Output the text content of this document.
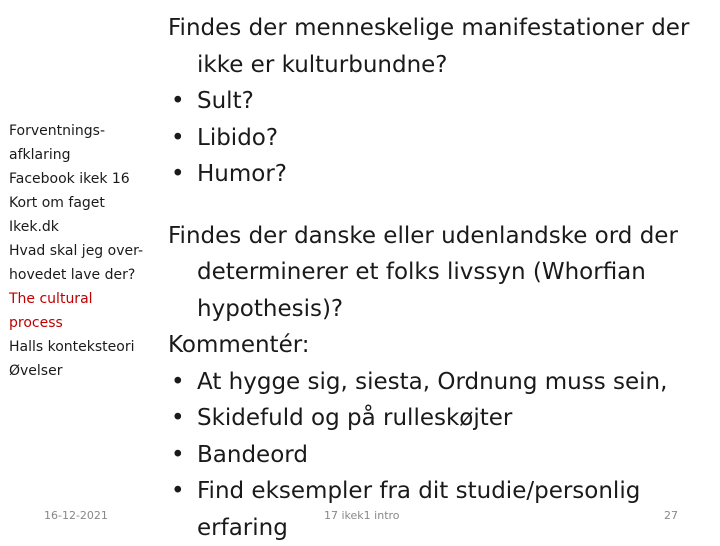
Forventnings-
afklaring
Facebook ikek 16
Kort om faget
Ikek.dk
Hvad skal jeg over-
hovedet lave der?
The cultural
process
Halls konteksteori
Øvelser
Findes der menneskelige manifestationer der ikke er kulturbundne?
• Sult?
• Libido?
• Humor?
Findes der danske eller udenlandske ord der determinerer et folks livssyn (Whorfian hypothesis)?
Kommentér:
• At hygge sig, siesta, Ordnung muss sein,
• Skidefuld og på rulleskøjter
• Bandeord
• Find eksempler fra dit studie/personlig erfaring
16-12-2021	17 ikek1 intro	27
